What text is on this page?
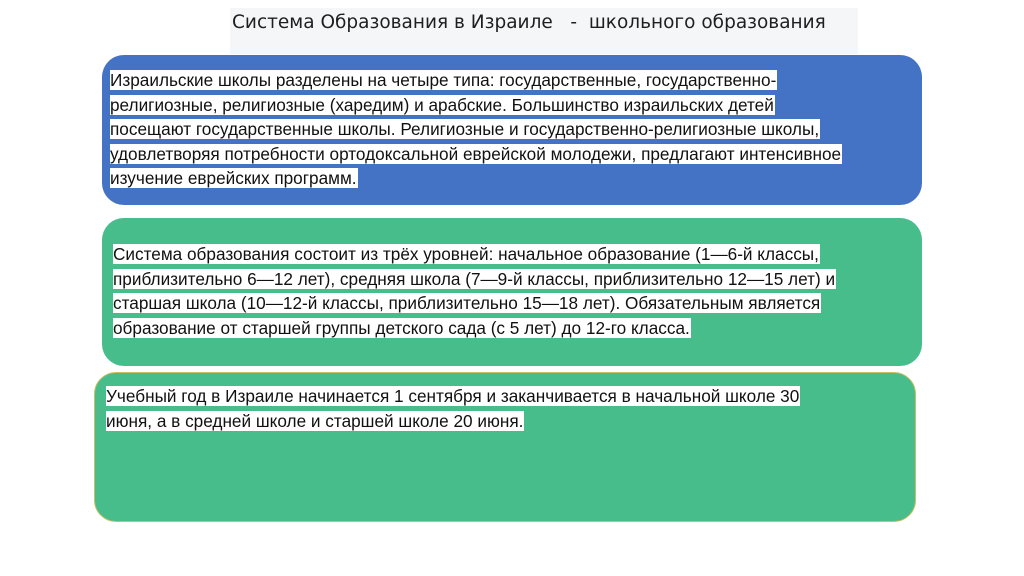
Система Образования в Израиле   -  школьного образования
Израильские школы разделены на четыре типа: государственные, государственно-
религиозные, религиозные (харедим) и арабские. Большинство израильских детей
посещают государственные школы. Религиозные и государственно-религиозные школы,
удовлетворяя потребности ортодоксальной еврейской молодежи, предлагают интенсивное
изучение еврейских программ.
Система образования состоит из трёх уровней: начальное образование (1—6-й классы,
приблизительно 6—12 лет), средняя школа (7—9-й классы, приблизительно 12—15 лет) и
старшая школа (10—12-й классы, приблизительно 15—18 лет). Обязательным является
образование от старшей группы детского сада (с 5 лет) до 12-го класса.
Учебный год в Израиле начинается 1 сентября и заканчивается в начальной школе 30
июня, а в средней школе и старшей школе 20 июня.
